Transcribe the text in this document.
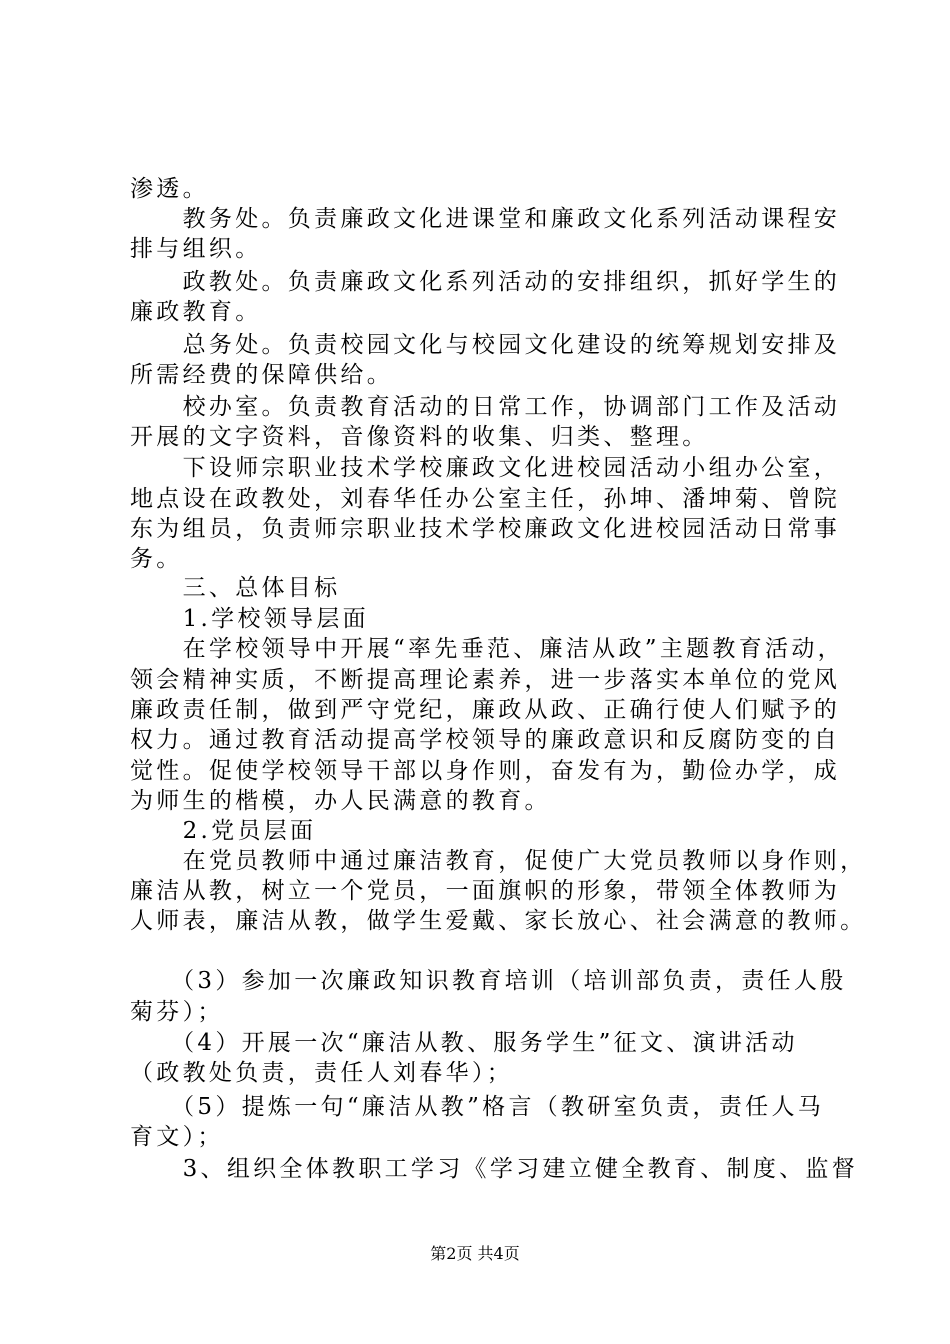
渗透。
　　教务处。负责廉政文化进课堂和廉政文化系列活动课程安
排与组织。
　　政教处。负责廉政文化系列活动的安排组织，抓好学生的
廉政教育。
　　总务处。负责校园文化与校园文化建设的统筹规划安排及
所需经费的保障供给。
　　校办室。负责教育活动的日常工作，协调部门工作及活动
开展的文字资料，音像资料的收集、归类、整理。
　　下设师宗职业技术学校廉政文化进校园活动小组办公室，
地点设在政教处，刘春华任办公室主任，孙坤、潘坤菊、曾院
东为组员，负责师宗职业技术学校廉政文化进校园活动日常事
务。
　　三、总体目标
　　1.学校领导层面
　　在学校领导中开展“率先垂范、廉洁从政”主题教育活动，
领会精神实质，不断提高理论素养，进一步落实本单位的党风
廉政责任制，做到严守党纪，廉政从政、正确行使人们赋予的
权力。通过教育活动提高学校领导的廉政意识和反腐防变的自
觉性。促使学校领导干部以身作则，奋发有为，勤俭办学，成
为师生的楷模，办人民满意的教育。
　　2.党员层面
　　在党员教师中通过廉洁教育，促使广大党员教师以身作则，
廉洁从教，树立一个党员，一面旗帜的形象，带领全体教师为
人师表，廉洁从教，做学生爱戴、家长放心、社会满意的教师。
　　（3）参加一次廉政知识教育培训（培训部负责，责任人殷
菊芬）；
　　（4）开展一次“廉洁从教、服务学生”征文、演讲活动
（政教处负责，责任人刘春华）；
　　（5）提炼一句“廉洁从教”格言（教研室负责，责任人马
育文）；
　　3、组织全体教职工学习《学习建立健全教育、制度、监督
第2页 共4页
